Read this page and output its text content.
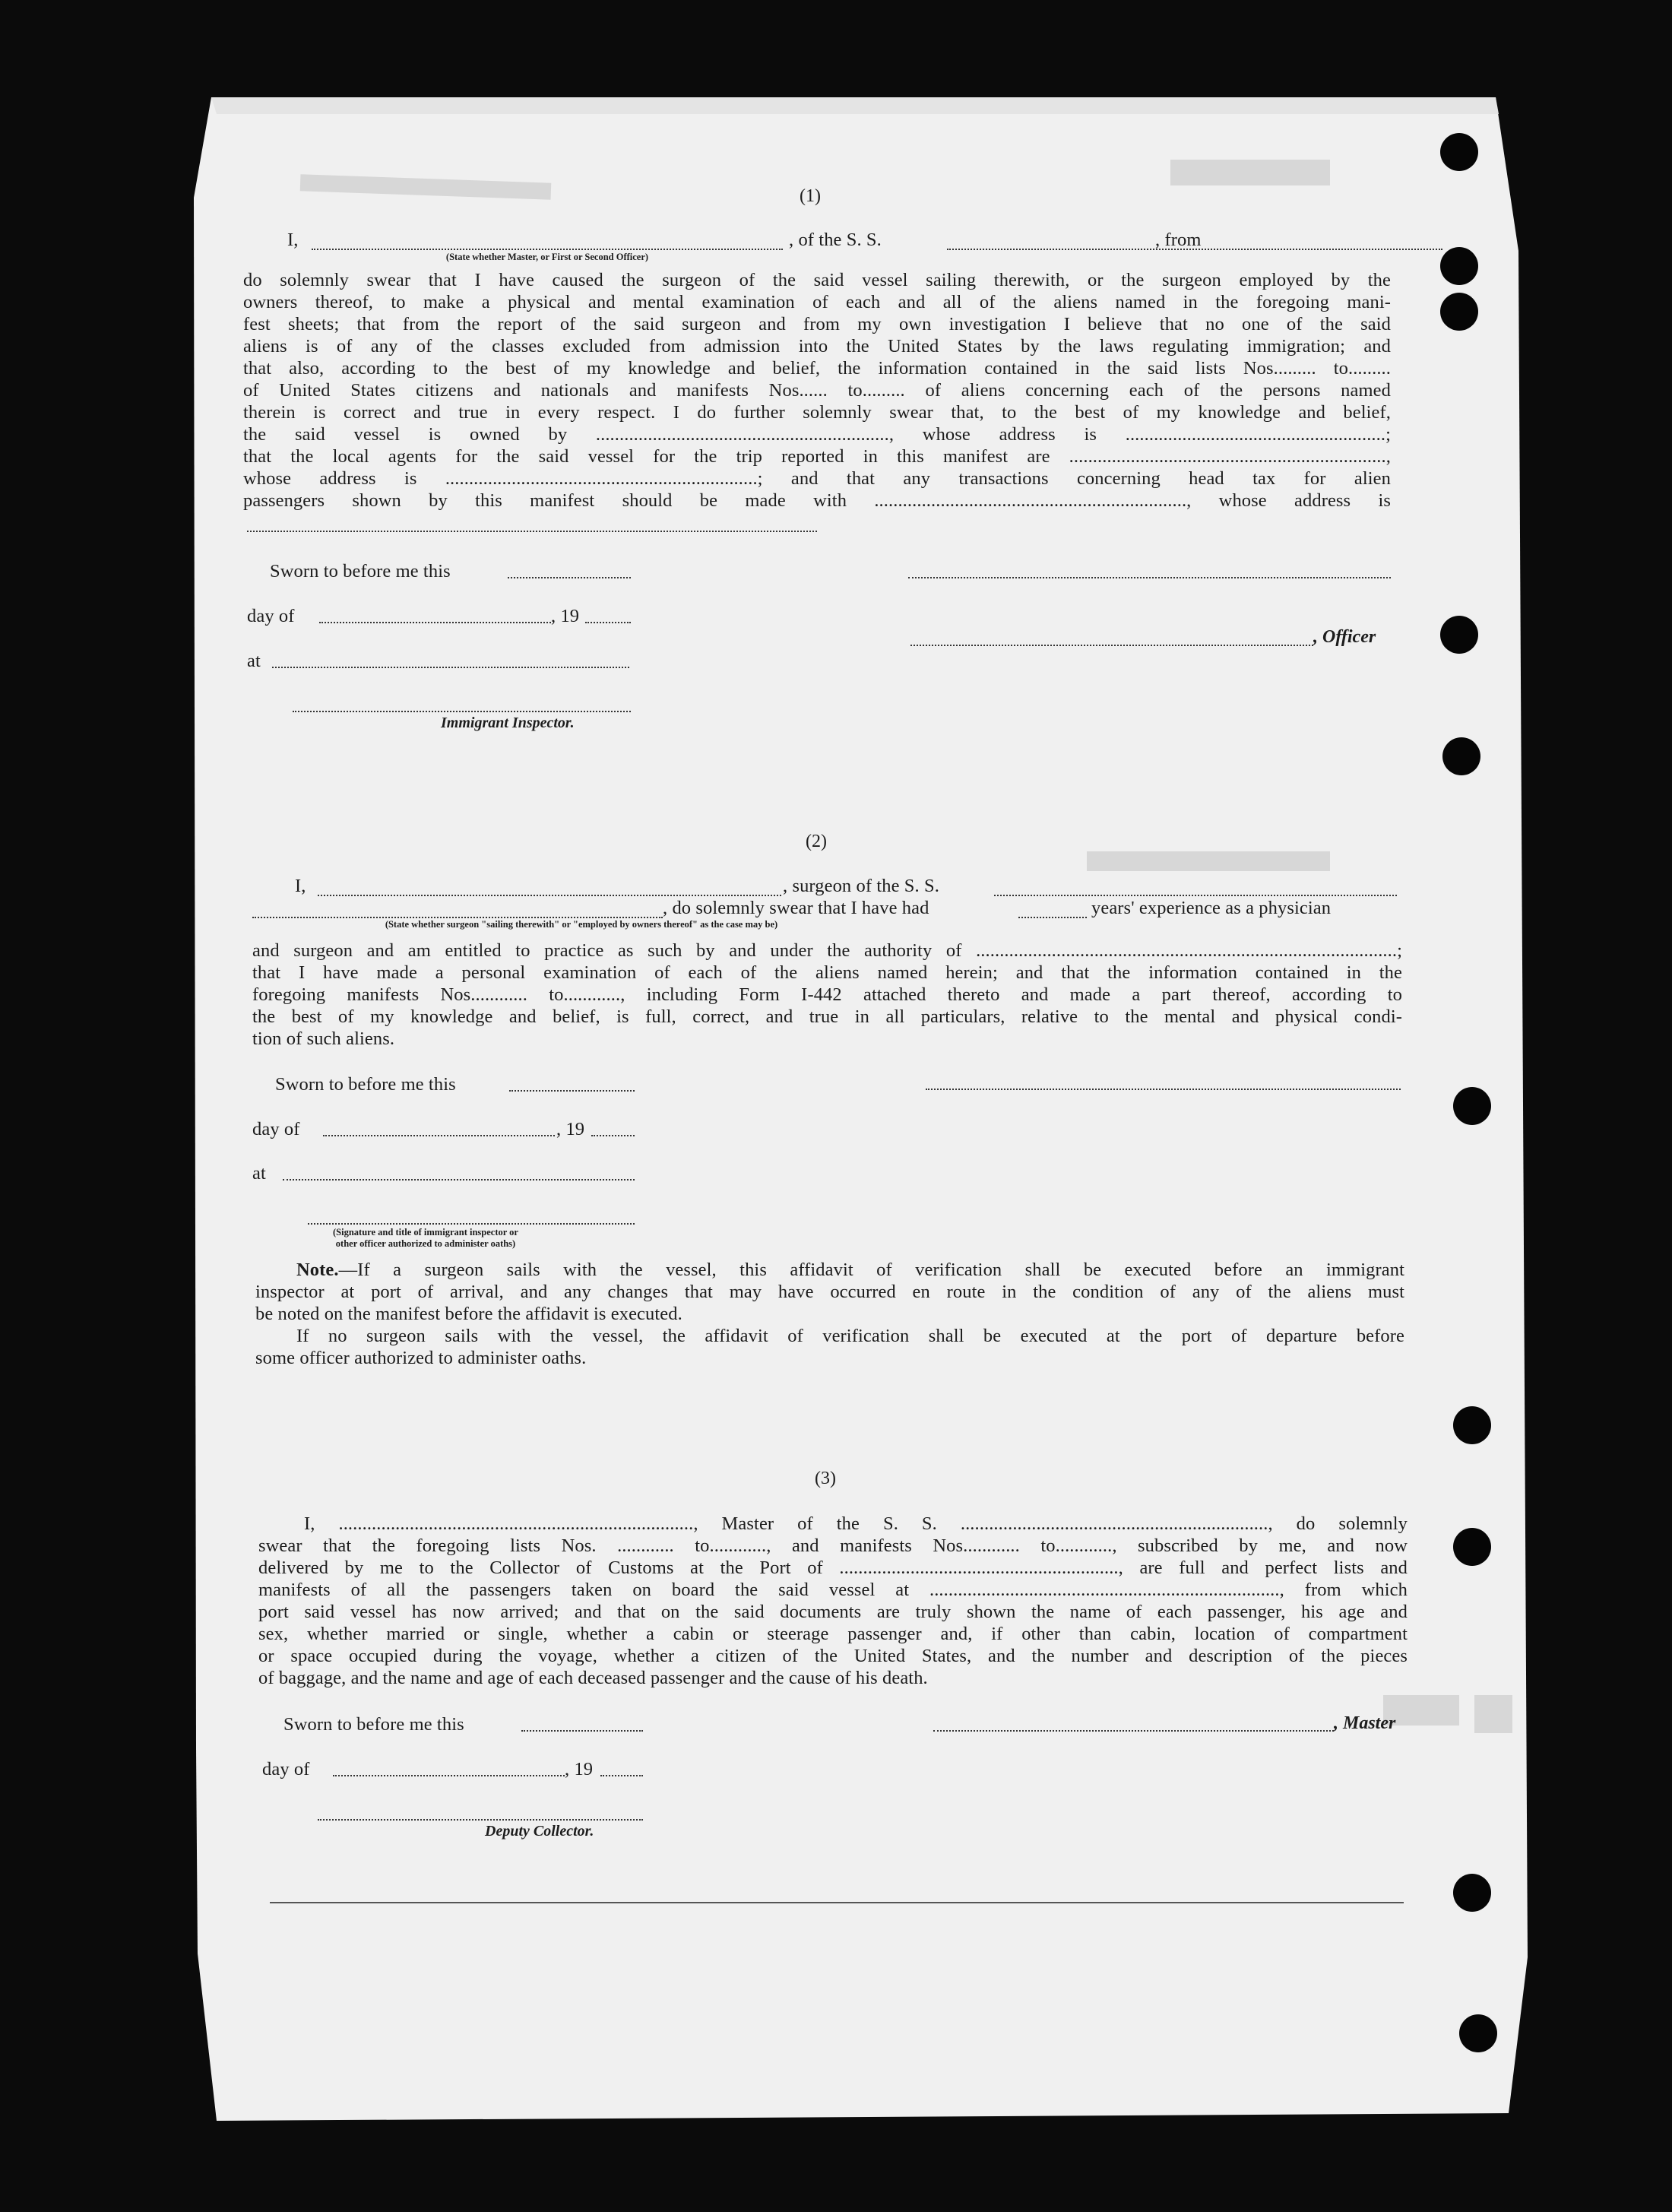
(1)
I,	, of the S. S.	, from
(State whether Master, or First or Second Officer)
do solemnly swear that I have caused the surgeon of the said vessel sailing therewith, or the surgeon employed by the
owners thereof, to make a physical and mental examination of each and all of the aliens named in the foregoing mani-
fest sheets; that from the report of the said surgeon and from my own investigation I believe that no one of the said
aliens is of any of the classes excluded from admission into the United States by the laws regulating immigration; and
that also, according to the best of my knowledge and belief, the information contained in the said lists Nos......... to.........
of United States citizens and nationals and manifests Nos...... to......... of aliens concerning each of the persons named
therein is correct and true in every respect. I do further solemnly swear that, to the best of my knowledge and belief,
the said vessel is owned by .............................................................., whose address is .......................................................;
that the local agents for the said vessel for the trip reported in this manifest are ...................................................................,
whose address is ..................................................................; and that any transactions concerning head tax for alien
passengers shown by this manifest should be made with .................................................................., whose address is
Sworn to before me this
day of	, 19
, Officer
at
Immigrant Inspector.
(2)
I,	, surgeon of the S. S.
, do solemnly swear that I have had	years' experience as a physician
(State whether surgeon "sailing therewith" or "employed by owners thereof" as the case may be)
and surgeon and am entitled to practice as such by and under the authority of .........................................................................................;
that I have made a personal examination of each of the aliens named herein; and that the information contained in the
foregoing manifests Nos............ to............, including Form I-442 attached thereto and made a part thereof, according to
the best of my knowledge and belief, is full, correct, and true in all particulars, relative to the mental and physical condi-
tion of such aliens.
Sworn to before me this
day of	, 19
at
(Signature and title of immigrant inspector or
other officer authorized to administer oaths)
Note.—If a surgeon sails with the vessel, this affidavit of verification shall be executed before an immigrant
inspector at port of arrival, and any changes that may have occurred en route in the condition of any of the aliens must
be noted on the manifest before the affidavit is executed.
If no surgeon sails with the vessel, the affidavit of verification shall be executed at the port of departure before
some officer authorized to administer oaths.
(3)
I, ..........................................................................., Master of the S. S. ................................................................., do solemnly
swear that the foregoing lists Nos. ............ to............, and manifests Nos............ to............, subscribed by me, and now
delivered by me to the Collector of Customs at the Port of ..........................................................., are full and perfect lists and
manifests of all the passengers taken on board the said vessel at .........................................................................., from which
port said vessel has now arrived; and that on the said documents are truly shown the name of each passenger, his age and
sex, whether married or single, whether a cabin or steerage passenger and, if other than cabin, location of compartment
or space occupied during the voyage, whether a citizen of the United States, and the number and description of the pieces
of baggage, and the name and age of each deceased passenger and the cause of his death.
Sworn to before me this	, Master
day of	, 19
Deputy Collector.
